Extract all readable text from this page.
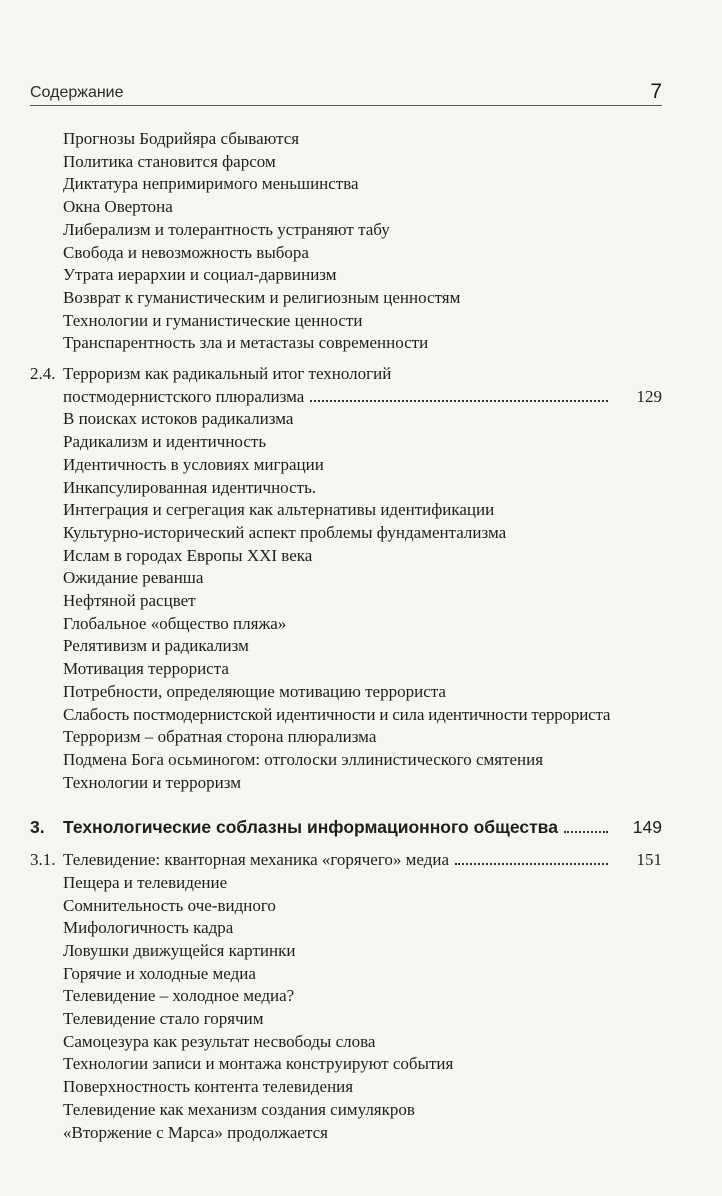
Содержание	7
Прогнозы Бодрийяра сбываются
Политика становится фарсом
Диктатура непримиримого меньшинства
Окна Овертона
Либерализм и толерантность устраняют табу
Свобода и невозможность выбора
Утрата иерархии и социал-дарвинизм
Возврат к гуманистическим и религиозным ценностям
Технологии и гуманистические ценности
Транспарентность зла и метастазы современности
2.4. Терроризм как радикальный итог технологий
постмодернистского плюрализма	129
В поисках истоков радикализма
Радикализм и идентичность
Идентичность в условиях миграции
Инкапсулированная идентичность.
Интеграция и сегрегация как альтернативы идентификации
Культурно-исторический аспект проблемы фундаментализма
Ислам в городах Европы XXI века
Ожидание реванша
Нефтяной расцвет
Глобальное «общество пляжа»
Релятивизм и радикализм
Мотивация террориста
Потребности, определяющие мотивацию террориста
Слабость постмодернистской идентичности и сила идентичности террориста
Терроризм – обратная сторона плюрализма
Подмена Бога осьминогом: отголоски эллинистического смятения
Технологии и терроризм
3. Технологические соблазны информационного общества	149
3.1. Телевидение: кванторная механика «горячего» медиа	151
Пещера и телевидение
Сомнительность оче-видного
Мифологичность кадра
Ловушки движущейся картинки
Горячие и холодные медиа
Телевидение – холодное медиа?
Телевидение стало горячим
Самоцезура как результат несвободы слова
Технологии записи и монтажа конструируют события
Поверхностность контента телевидения
Телевидение как механизм создания симулякров
«Вторжение с Марса» продолжается
